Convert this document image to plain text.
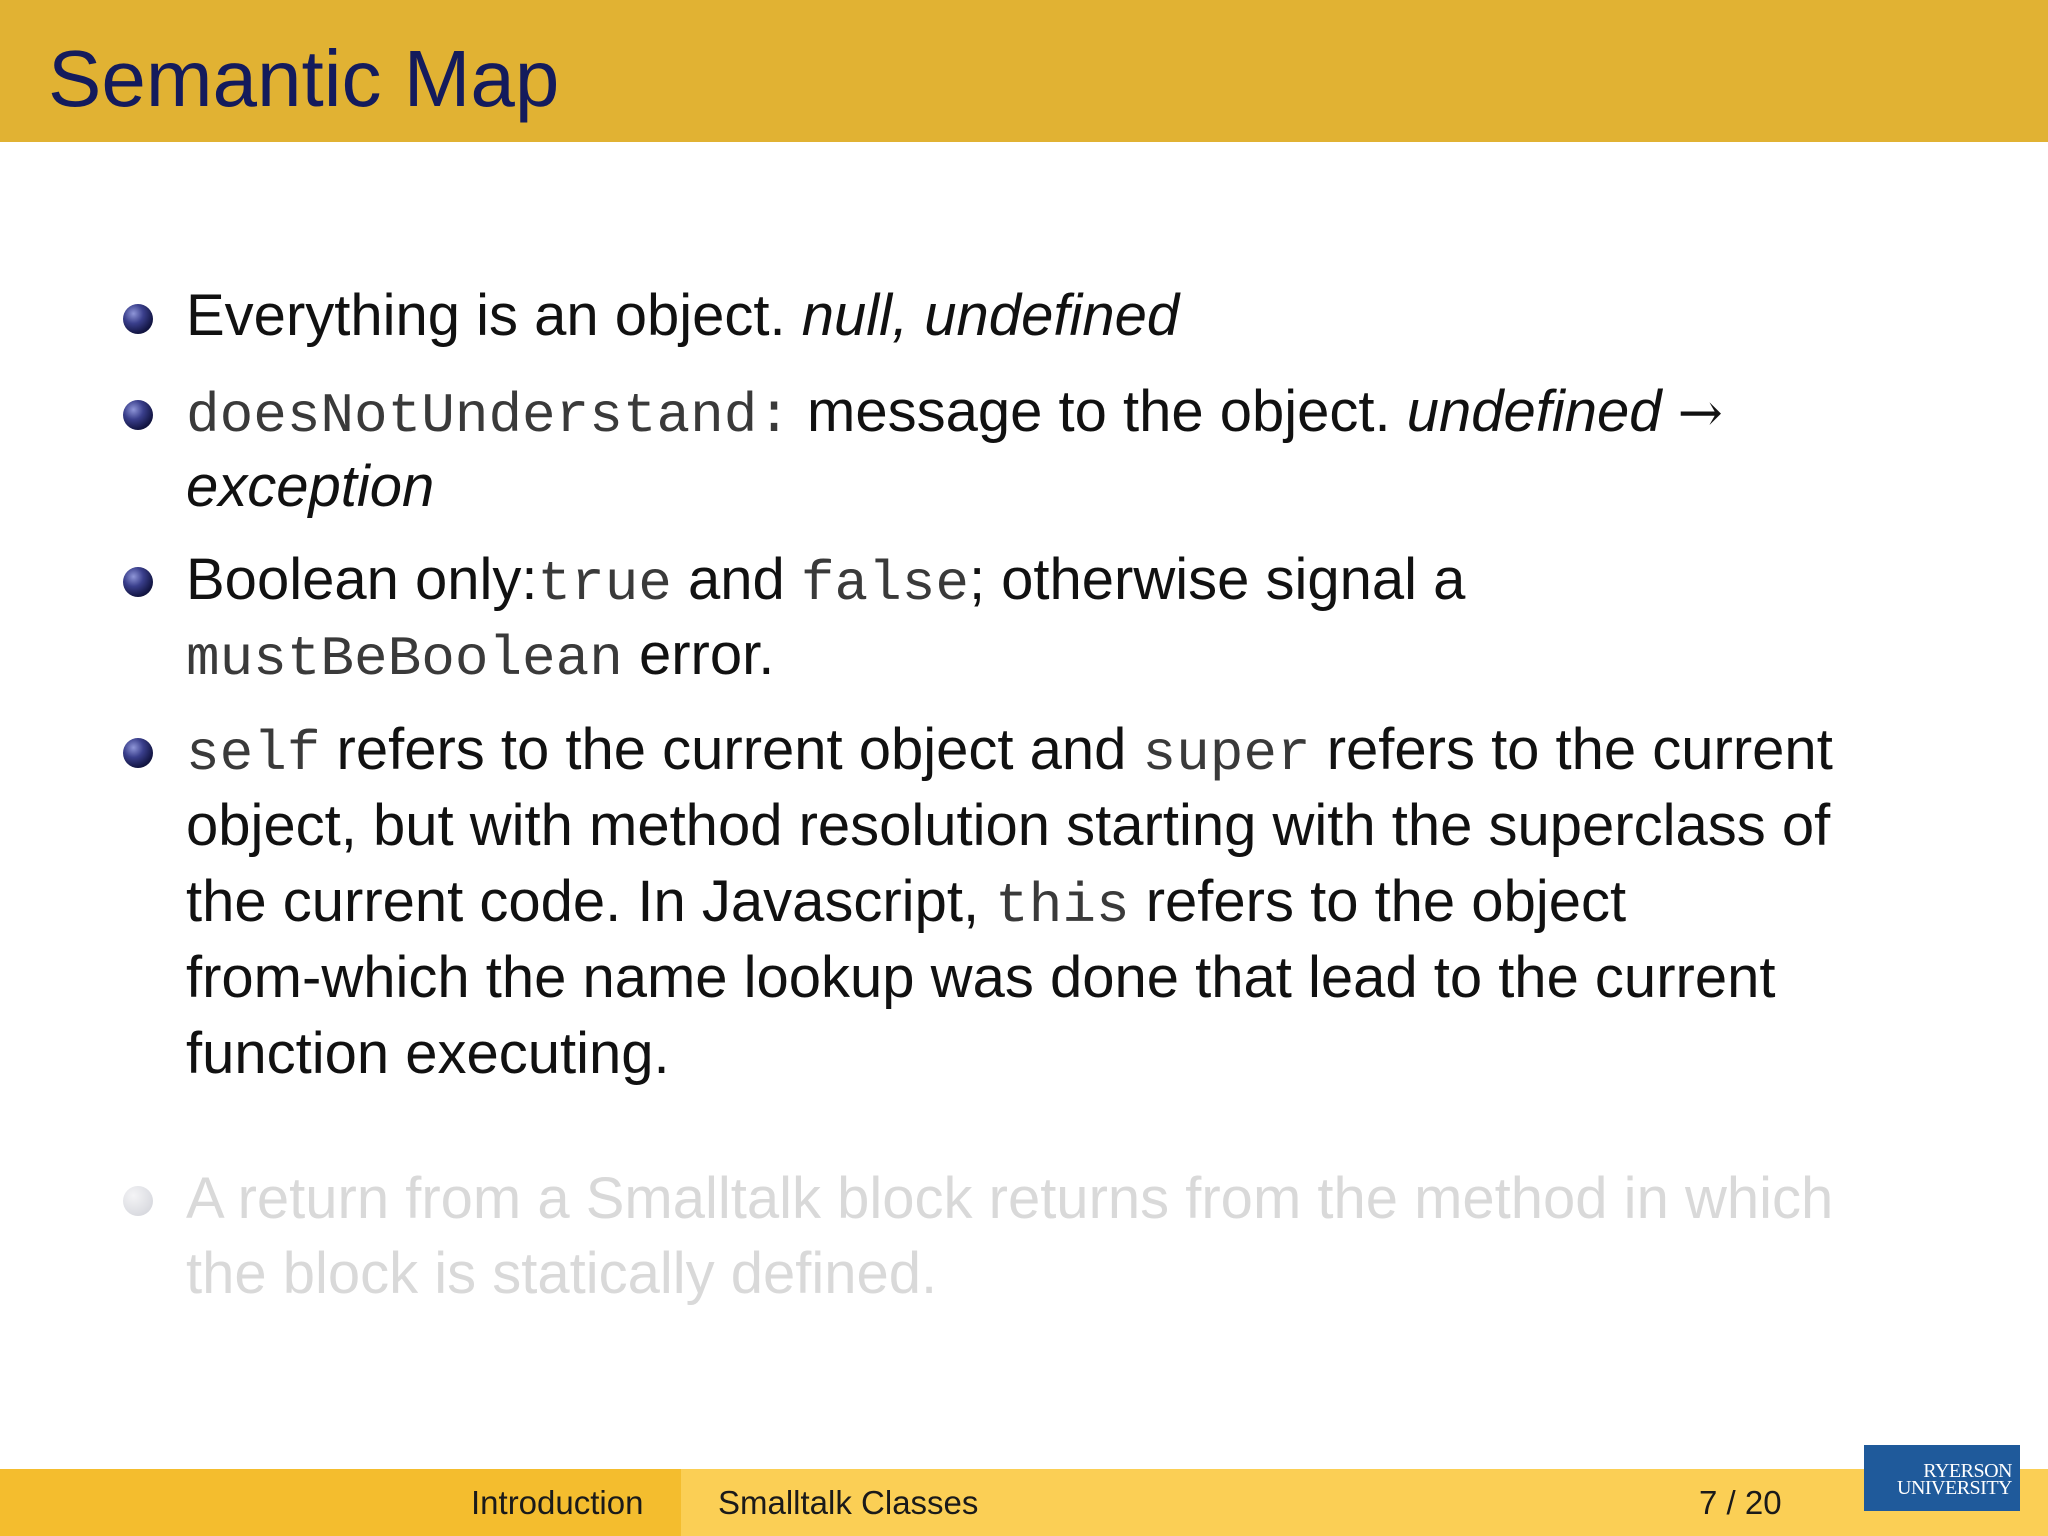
Semantic Map
Everything is an object. null, undefined
doesNotUnderstand: message to the object. undefined →
exception
Boolean only:true and false; otherwise signal a
mustBeBoolean error.
self refers to the current object and super refers to the current
object, but with method resolution starting with the superclass of
the current code. In Javascript, this refers to the object
from-which the name lookup was done that lead to the current
function executing.
A return from a Smalltalk block returns from the method in which
the block is statically defined.
Introduction Smalltalk Classes	7 / 20
RYERSON
UNIVERSITY
